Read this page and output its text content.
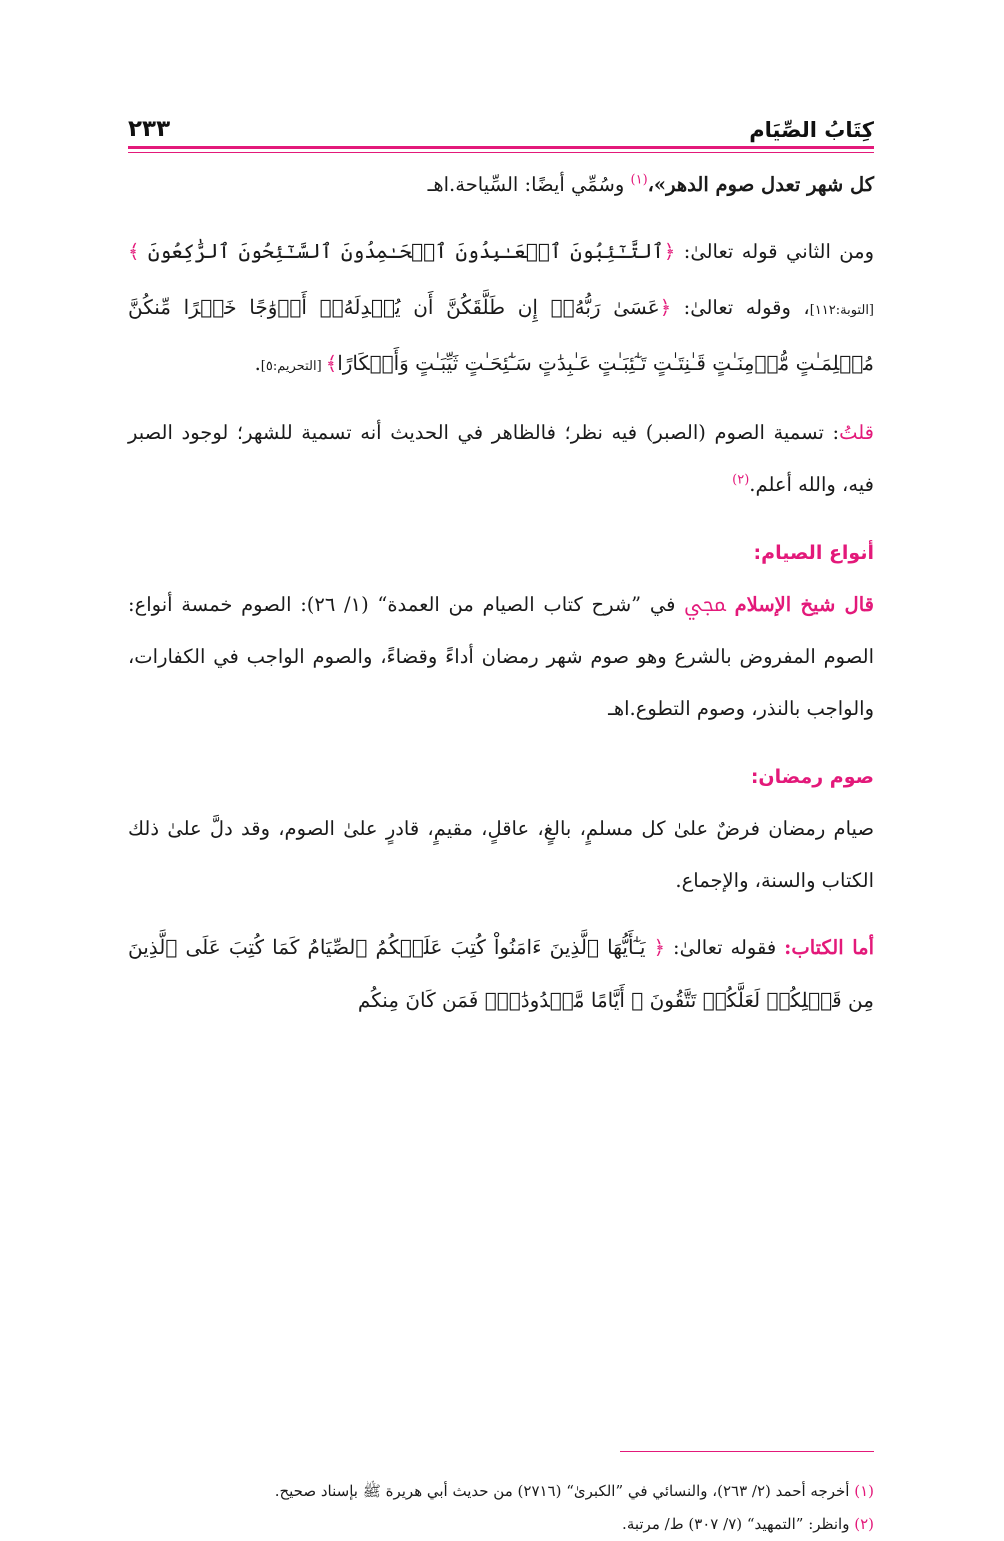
كِتَابُ الصِّيَام
٢٣٣

كل شهر تعدل صوم الدهر»،$^{(١)}$ وسُمِّي أيضًا: السِّياحة.اهـ

ومن الثاني قوله تعالىٰ: ﴿ٱلتَّـٰٓئِبُونَ ٱلۡعَـٰبِدُونَ ٱلۡحَـٰمِدُونَ ٱلسَّـٰٓئِحُونَ ٱلرَّٰكِعُونَ ﴾ [التوبة:١١٢]، وقوله تعالىٰ: ﴿عَسَىٰ رَبُّهُۥٓ إِن طَلَّقَكُنَّ أَن يُبۡدِلَهُۥٓ أَزۡوَٰجًا خَيۡرًا مِّنكُنَّ مُسۡلِمَـٰتٍ مُّؤۡمِنَـٰتٍ قَـٰنِتَـٰتٍ تَـٰٓئِبَـٰتٍ عَـٰبِدَٰتٍ سَـٰٓئِحَـٰتٍ ثَيِّبَـٰتٍ وَأَبۡكَارًا﴾ [التحريم:٥].

قلتُ: تسمية الصوم (الصبر) فيه نظر؛ فالظاهر في الحديث أنه تسمية للشهر؛ لوجود الصبر فيه، والله أعلم.$^{(٢)}$

أنواع الصيام:

قال شيخ الإسلام ﷀ في ”شرح كتاب الصيام من العمدة“ (١/ ٢٦): الصوم خمسة أنواع: الصوم المفروض بالشرع وهو صوم شهر رمضان أداءً وقضاءً، والصوم الواجب في الكفارات، والواجب بالنذر، وصوم التطوع.اهـ

صوم رمضان:

صيام رمضان فرضٌ علىٰ كل مسلمٍ، بالغٍ، عاقلٍ، مقيمٍ، قادرٍ علىٰ الصوم، وقد دلَّ علىٰ ذلك الكتاب والسنة، والإجماع.

أما الكتاب: فقوله تعالىٰ: ﴿ يَـٰٓأَيُّهَا ٱلَّذِينَ ءَامَنُواْ كُتِبَ عَلَيۡكُمُ ٱلصِّيَامُ كَمَا كُتِبَ عَلَى ٱلَّذِينَ مِن قَبۡلِكُمۡ لَعَلَّكُمۡ تَتَّقُونَ ۞ أَيَّامًا مَّعۡدُودَٰتٍۚ فَمَن كَانَ مِنكُم

(١) أخرجه أحمد (٢/ ٢٦٣)، والنسائي في ”الكبرىٰ“ (٢٧١٦) من حديث أبي هريرة ﷺ بإسناد صحيح.
(٢) وانظر: ”التمهيد“ (٧/ ٣٠٧) ط/ مرتبة.
